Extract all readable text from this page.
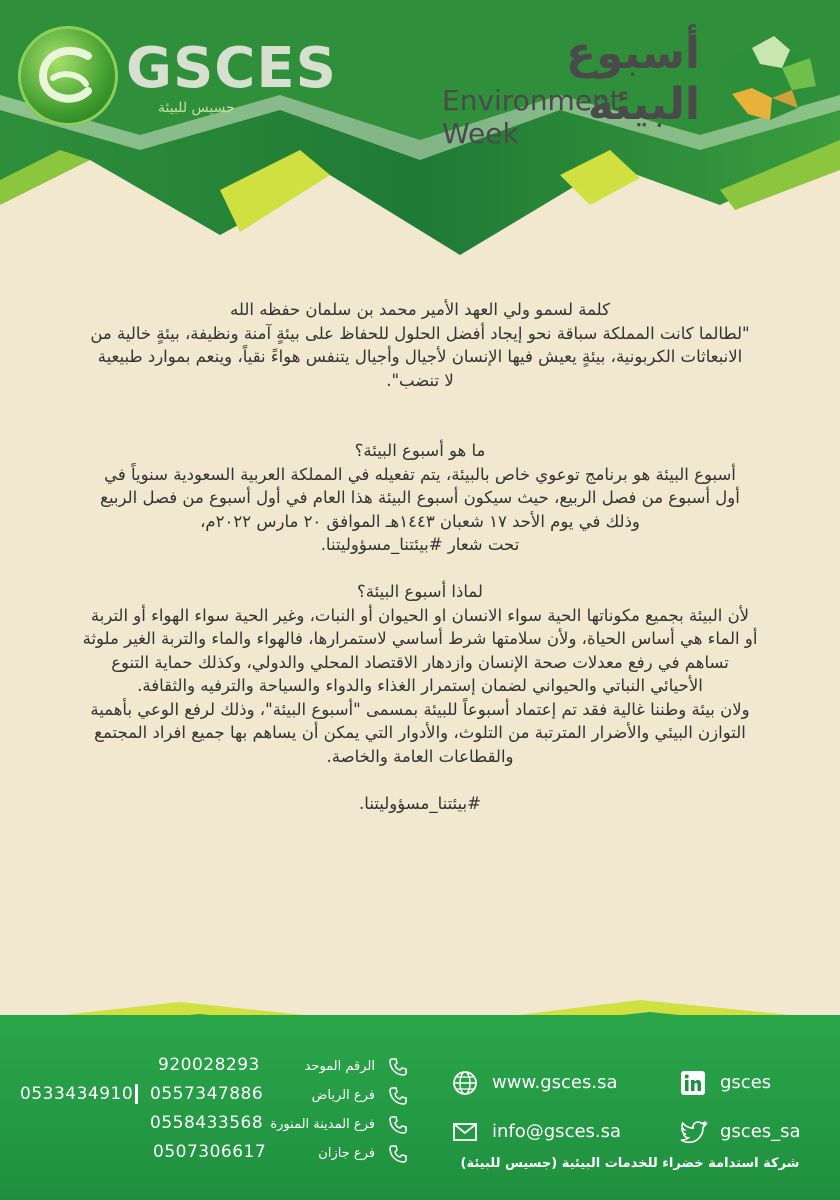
GSCES
جسيس للبيئة
أسبوع البيئة
Environment Week

كلمة لسمو ولي العهد الأمير محمد بن سلمان حفظه الله

"لطالما كانت المملكة سباقة نحو إيجاد أفضل الحلول للحفاظ على بيئةٍ آمنة ونظيفة، بيئةٍ خالية من

الانبعاثات الكربونية، بيئةٍ يعيش فيها الإنسان لأجيال وأجيال يتنفس هواءً نقياً، وينعم بموارد طبيعية

لا تنضب".

ما هو أسبوع البيئة؟

أسبوع البيئة هو برنامج توعوي خاص بالبيئة، يتم تفعيله في المملكة العربية السعودية سنوياً في

أول أسبوع من فصل الربيع، حيث سيكون أسبوع البيئة هذا العام في أول أسبوع من فصل الربيع

وذلك في يوم الأحد ١٧ شعبان ١٤٤٣هـ الموافق ٢٠ مارس ٢٠٢٢م،

تحت شعار #بيئتنا_مسؤوليتنا.

لماذا أسبوع البيئة؟

لأن البيئة بجميع مكوناتها الحية سواء الانسان او الحيوان أو النبات، وغير الحية سواء الهواء أو التربة

أو الماء هي أساس الحياة، ولأن سلامتها شرط أساسي لاستمرارها، فالهواء والماء والتربة الغير ملوثة

تساهم في رفع معدلات صحة الإنسان وازدهار الاقتصاد المحلي والدولي، وكذلك حماية التنوع

الأحيائي النباتي والحيواني لضمان إستمرار الغذاء والدواء والسياحة والترفيه والثقافة.

ولان بيئة وطننا غالية فقد تم إعتماد أسبوعاً للبيئة بمسمى "أسبوع البيئة"، وذلك لرفع الوعي بأهمية

التوازن البيئي والأضرار المترتبة من التلوث، والأدوار التي يمكن أن يساهم بها جميع افراد المجتمع

والقطاعات العامة والخاصة.

#بيئتنا_مسؤوليتنا.

920028293	الرقم الموحد
0533434910 0557347886	فرع الرياض
0558433568 فرع المدينة المنورة
0507306617	فرع جازان
www.gsces.sa
info@gsces.sa
gsces
gsces_sa
شركة استدامة خضراء للخدمات البيئية (جسيس للبيئة)
